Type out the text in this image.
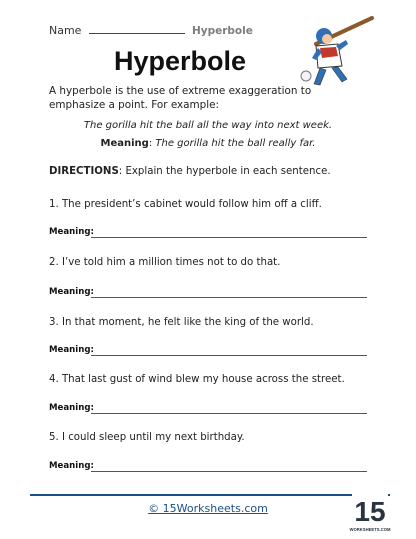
Name	Hyperbole
Hyperbole
A hyperbole is the use of extreme exaggeration to emphasize a point. For example:
The gorilla hit the ball all the way into next week.
Meaning: The gorilla hit the ball really far.
DIRECTIONS: Explain the hyperbole in each sentence.
1. The president’s cabinet would follow him off a cliff.
Meaning:
2. I’ve told him a million times not to do that.
Meaning:
3. In that moment, he felt like the king of the world.
Meaning:
4. That last gust of wind blew my house across the street.
Meaning:
5. I could sleep until my next birthday.
Meaning:
© 15Worksheets.com	15
WORKSHEETS.COM
